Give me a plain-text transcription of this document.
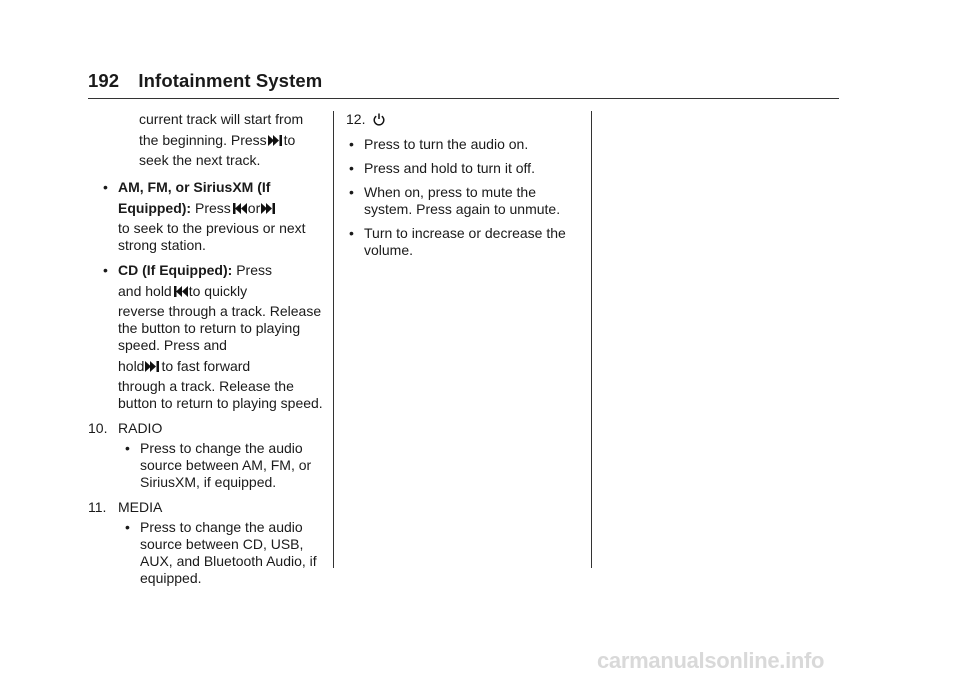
192 Infotainment System

current track will start from

the beginning. Press to

seek the next track.

• AM, FM, or SiriusXM (If

Equipped): Press or

to seek to the previous or next strong station.

• CD (If Equipped): Press

and hold to quickly

reverse through a track. Release the button to return to playing speed. Press and

hold to fast forward

through a track. Release the button to return to playing speed.

10. RADIO

• Press to change the audio source between AM, FM, or SiriusXM, if equipped.

11. MEDIA

• Press to change the audio source between CD, USB, AUX, and Bluetooth Audio, if equipped.

12.

• Press to turn the audio on.

• Press and hold to turn it off.

• When on, press to mute the system. Press again to unmute.

• Turn to increase or decrease the volume.

carmanualsonline.info
